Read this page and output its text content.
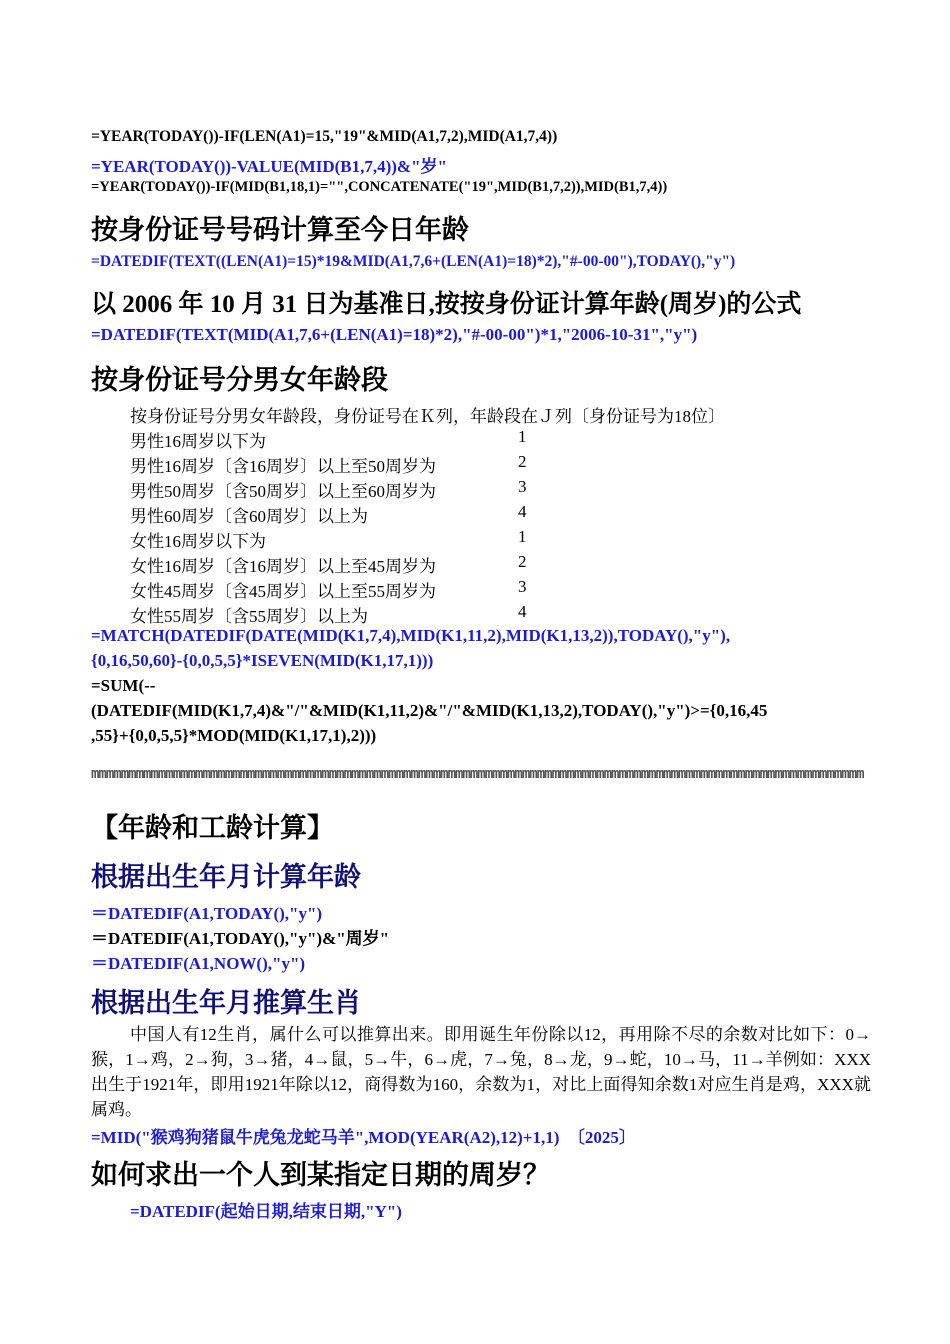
=YEAR(TODAY())-IF(LEN(A1)=15,"19"&MID(A1,7,2),MID(A1,7,4))
=YEAR(TODAY())-VALUE(MID(B1,7,4))&"岁"
=YEAR(TODAY())-IF(MID(B1,18,1)="",CONCATENATE("19",MID(B1,7,2)),MID(B1,7,4))
按身份证号号码计算至今日年龄
=DATEDIF(TEXT((LEN(A1)=15)*19&MID(A1,7,6+(LEN(A1)=18)*2),"#-00-00"),TODAY(),"y")
以 2006 年 10 月 31 日为基准日,按按身份证计算年龄(周岁)的公式
=DATEDIF(TEXT(MID(A1,7,6+(LEN(A1)=18)*2),"#-00-00")*1,"2006-10-31","y")
按身份证号分男女年龄段
按身份证号分男女年龄段，身份证号在Ｋ列，年龄段在Ｊ列〔身份证号为18位〕
男性16周岁以下为	1
男性16周岁〔含16周岁〕以上至50周岁为	2
男性50周岁〔含50周岁〕以上至60周岁为	3
男性60周岁〔含60周岁〕以上为	4
女性16周岁以下为	1
女性16周岁〔含16周岁〕以上至45周岁为	2
女性45周岁〔含45周岁〕以上至55周岁为	3
女性55周岁〔含55周岁〕以上为	4
=MATCH(DATEDIF(DATE(MID(K1,7,4),MID(K1,11,2),MID(K1,13,2)),TODAY(),"y"),
{0,16,50,60}-{0,0,5,5}*ISEVEN(MID(K1,17,1)))
=SUM(--
(DATEDIF(MID(K1,7,4)&"/"&MID(K1,11,2)&"/"&MID(K1,13,2),TODAY(),"y")>={0,16,45
,55}+{0,0,5,5}*MOD(MID(K1,17,1),2)))
mmmmmmmmmmmmmmmmmmmmmmmmmmmmmmmmmmmmmmmmmmmmmmmmmmmmmmmmmmmmmmmmmmmmmmmmmmmmmmmmmmmmmmmmmmmmmmmmmmmmmmmm
【年龄和工龄计算】
根据出生年月计算年龄
＝DATEDIF(A1,TODAY(),"y")
＝DATEDIF(A1,TODAY(),"y")&"周岁"
＝DATEDIF(A1,NOW(),"y")
根据出生年月推算生肖

中国人有12生肖，属什么可以推算出来。即用诞生年份除以12，再用除不尽的余数对比如下：0→猴，1→鸡，2→狗，3→猪，4→鼠，5→牛，6→虎，7→兔，8→龙，9→蛇，10→马，11→羊例如：XXX出生于1921年，即用1921年除以12，商得数为160，余数为1，对比上面得知余数1对应生肖是鸡，XXX就属鸡。

=MID("猴鸡狗猪鼠牛虎兔龙蛇马羊",MOD(YEAR(A2),12)+1,1)　〔2025〕
如何求出一个人到某指定日期的周岁？
=DATEDIF(起始日期,结束日期,"Y")
